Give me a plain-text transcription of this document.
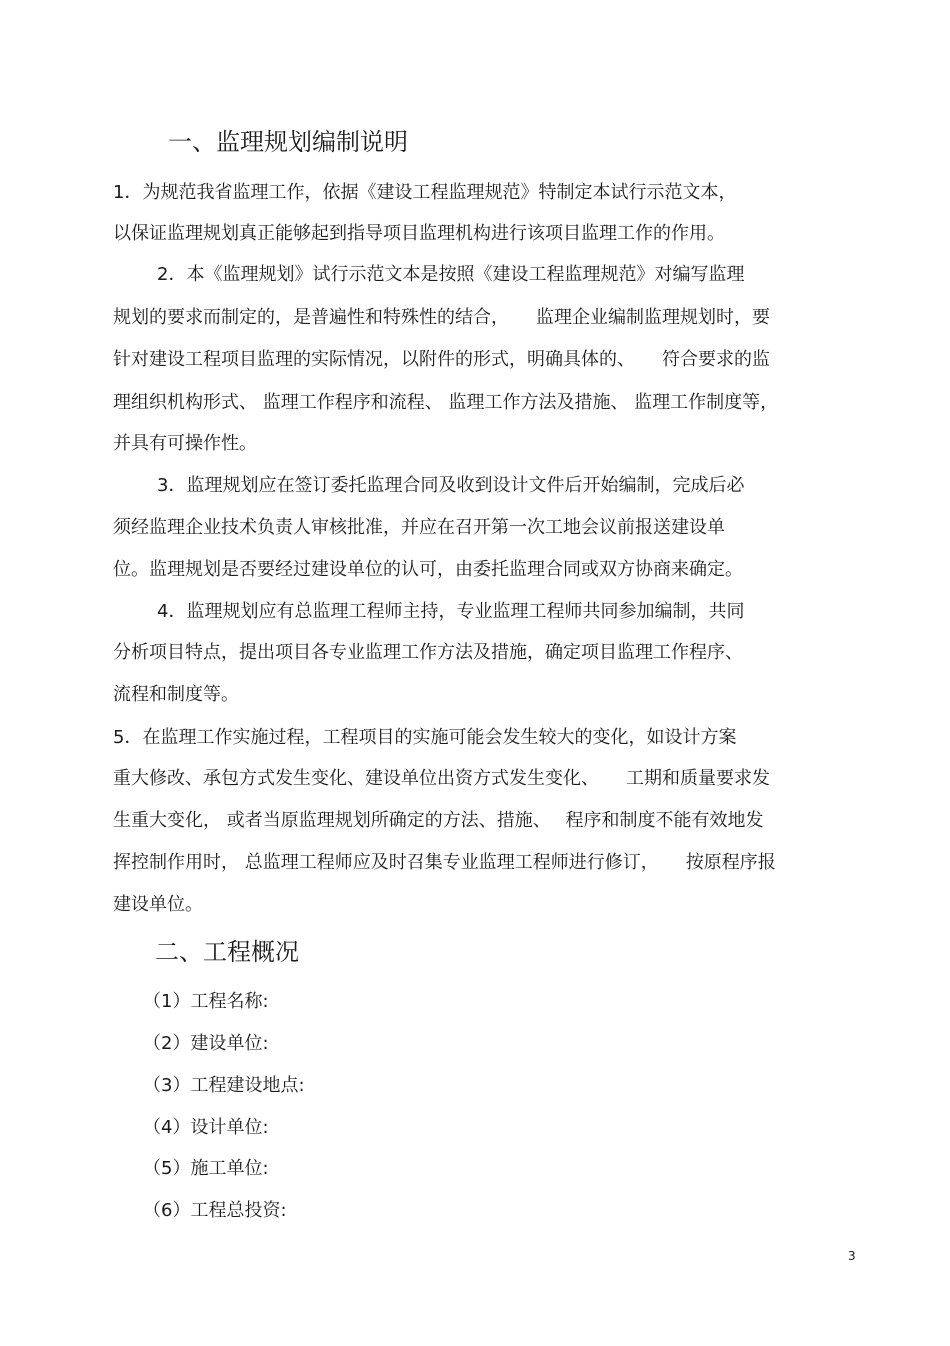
一、监理规划编制说明
1．为规范我省监理工作，依据《建设工程监理规范》特制定本试行示范文本，
以保证监理规划真正能够起到指导项目监理机构进行该项目监理工作的作用。
2．本《监理规划》试行示范文本是按照《建设工程监理规范》对编写监理
规划的要求而制定的，是普遍性和特殊性的结合，　　监理企业编制监理规划时，要
针对建设工程项目监理的实际情况，以附件的形式，明确具体的、　　符合要求的监
理组织机构形式、 监理工作程序和流程、 监理工作方法及措施、 监理工作制度等，
并具有可操作性。
3．监理规划应在签订委托监理合同及收到设计文件后开始编制，完成后必
须经监理企业技术负责人审核批准，并应在召开第一次工地会议前报送建设单
位。监理规划是否要经过建设单位的认可，由委托监理合同或双方协商来确定。
4．监理规划应有总监理工程师主持，专业监理工程师共同参加编制，共同
分析项目特点，提出项目各专业监理工作方法及措施，确定项目监理工作程序、
流程和制度等。
5．在监理工作实施过程，工程项目的实施可能会发生较大的变化，如设计方案
重大修改、承包方式发生变化、建设单位出资方式发生变化、　　工期和质量要求发
生重大变化， 或者当原监理规划所确定的方法、措施、　 程序和制度不能有效地发
挥控制作用时， 总监理工程师应及时召集专业监理工程师进行修订，　　按原程序报
建设单位。
二、工程概况
（1）工程名称:
（2）建设单位:
（3）工程建设地点:
（4）设计单位:
（5）施工单位:
（6）工程总投资:
3
